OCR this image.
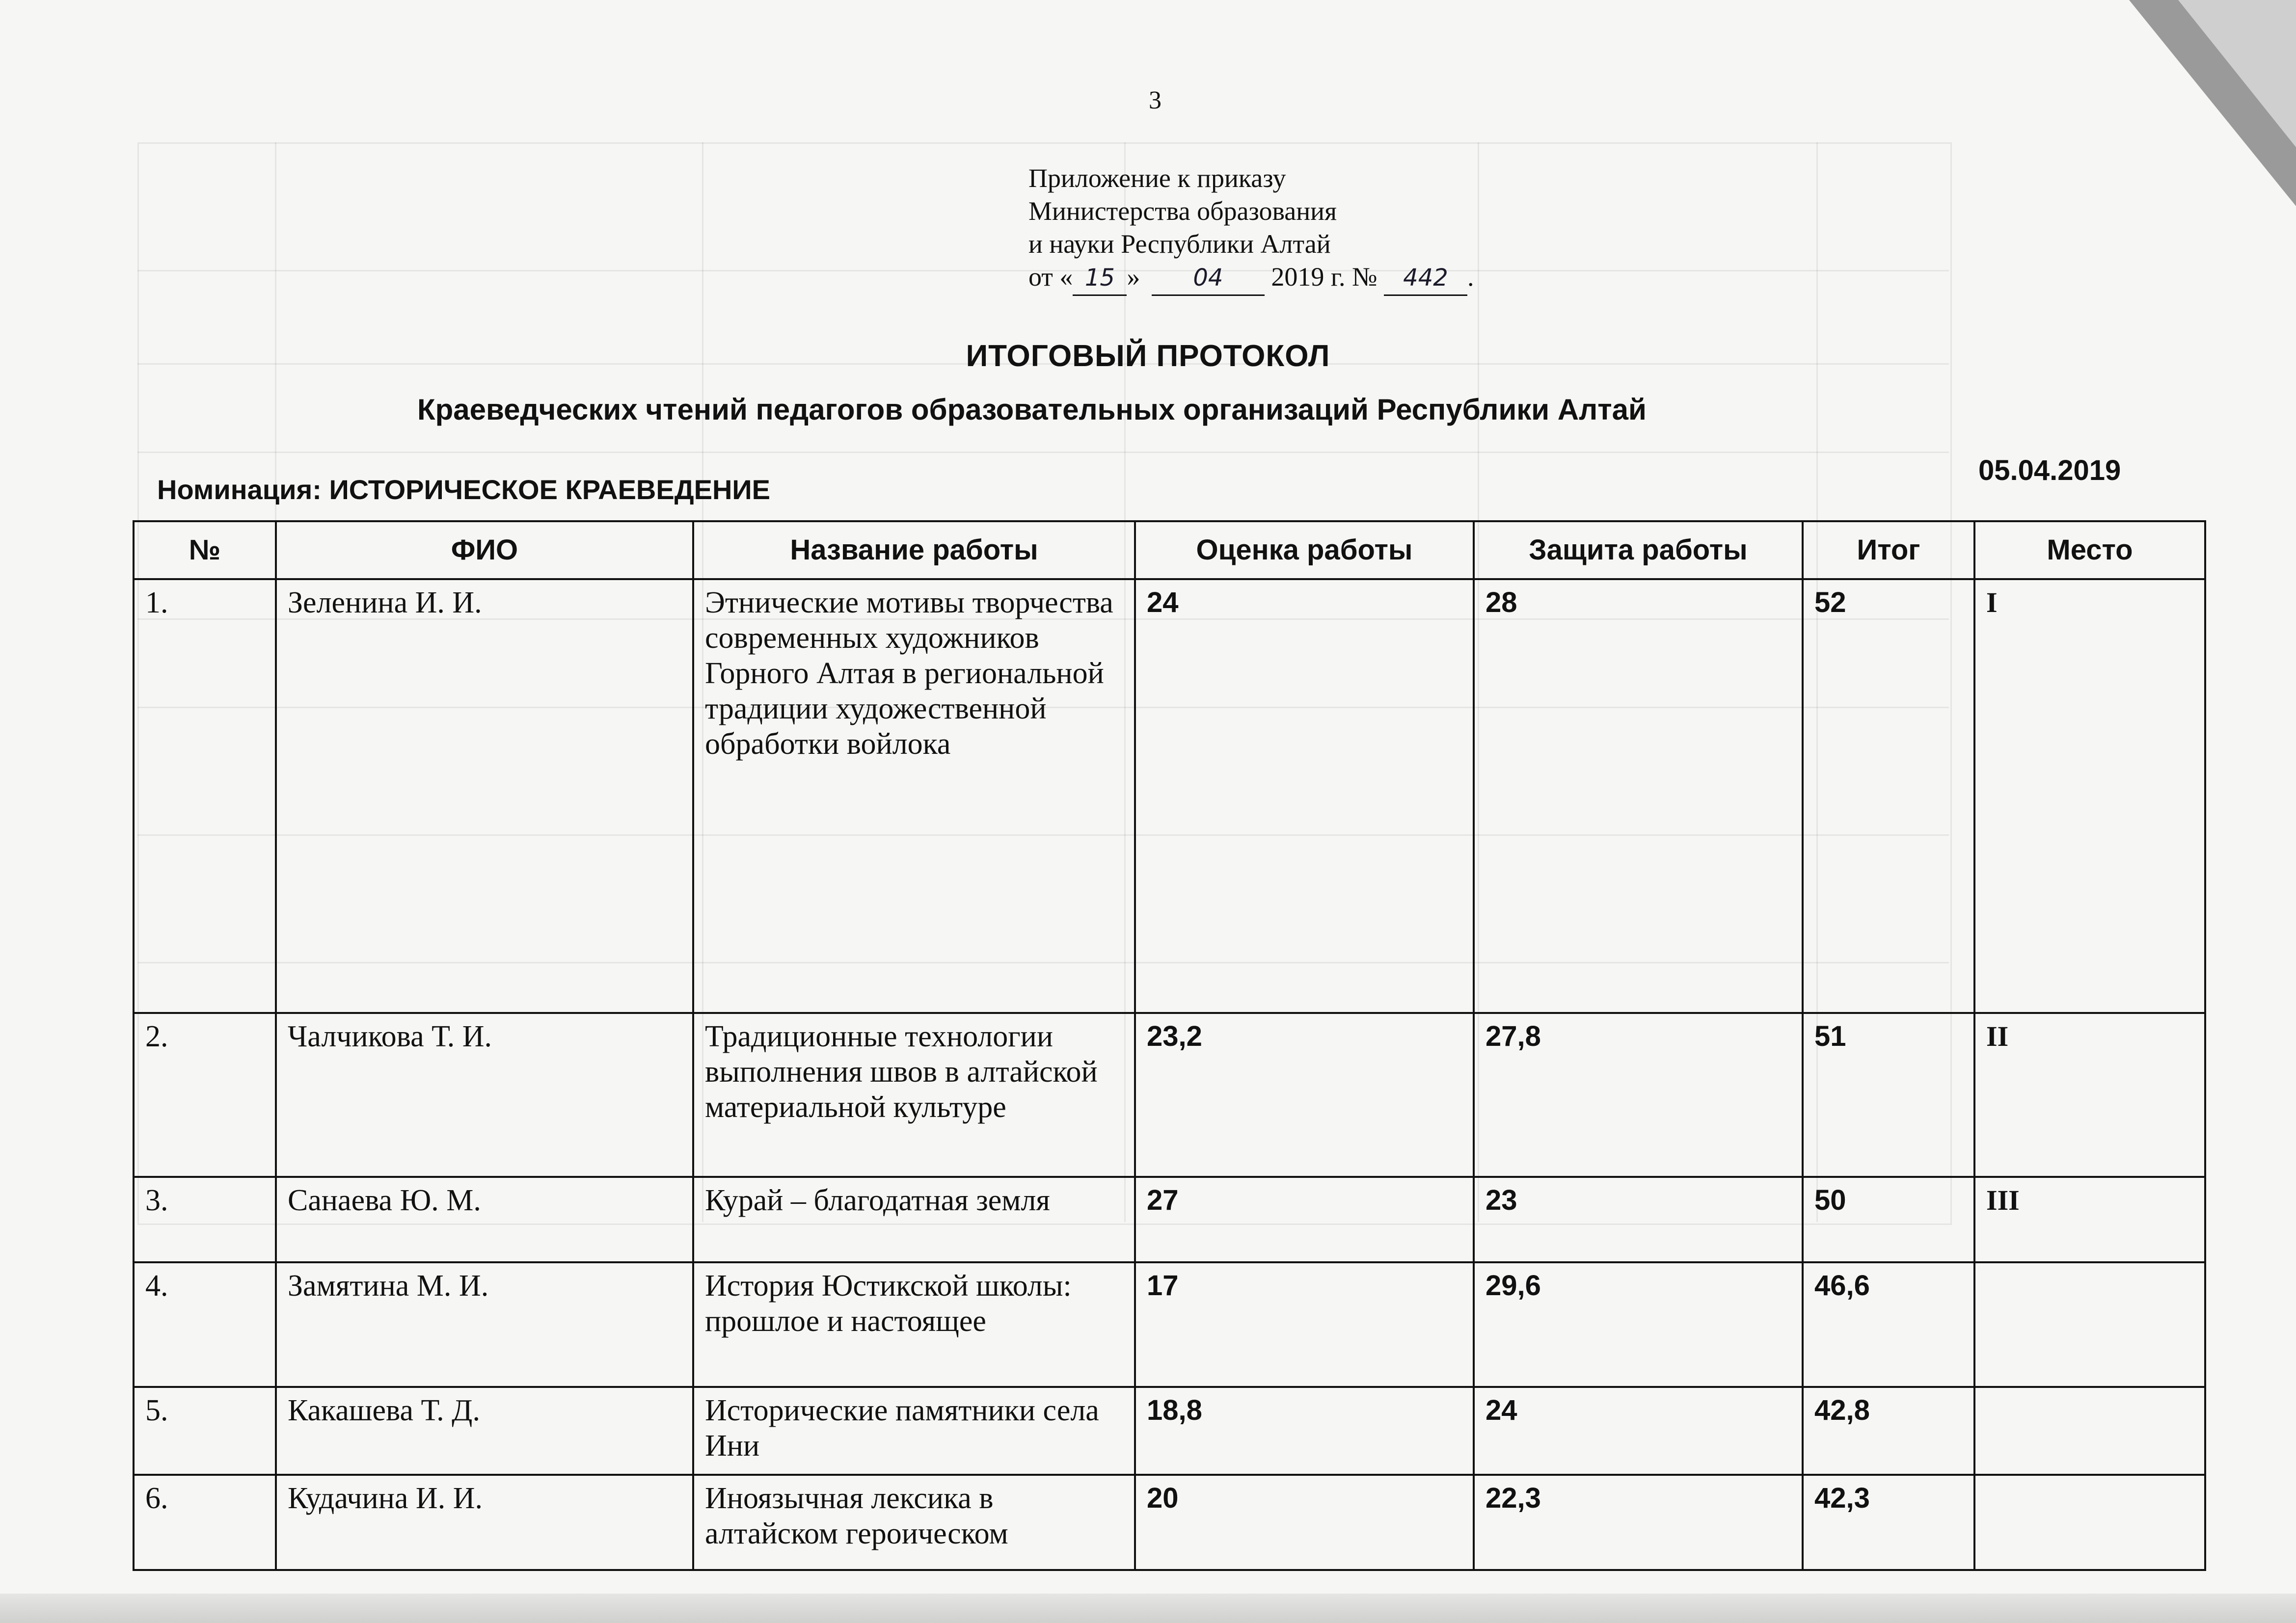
3
Приложение к приказу
Министерства образования
и науки Республики Алтай
от « 15 » 04 2019 г. № 442 .
ИТОГОВЫЙ ПРОТОКОЛ
Краеведческих чтений педагогов образовательных организаций Республики Алтай
Номинация: ИСТОРИЧЕСКОЕ КРАЕВЕДЕНИЕ
05.04.2019
№	ФИО	Название работы	Оценка работы	Защита работы	Итог	Место
1.	Зеленина И. И.	Этнические мотивы творчества современных художников Горного Алтая в региональной традиции художественной обработки войлока	24	28	52	I
2.	Чалчикова Т. И.	Традиционные технологии выполнения швов в алтайской материальной культуре	23,2	27,8	51	II
3.	Санаева Ю. М.	Курай – благодатная земля	27	23	50	III
4.	Замятина М. И.	История Юстикской школы: прошлое и настоящее	17	29,6	46,6	
5.	Какашева Т. Д.	Исторические памятники села Ини	18,8	24	42,8	
6.	Кудачина И. И.	Иноязычная лексика в алтайском героическом	20	22,3	42,3	
